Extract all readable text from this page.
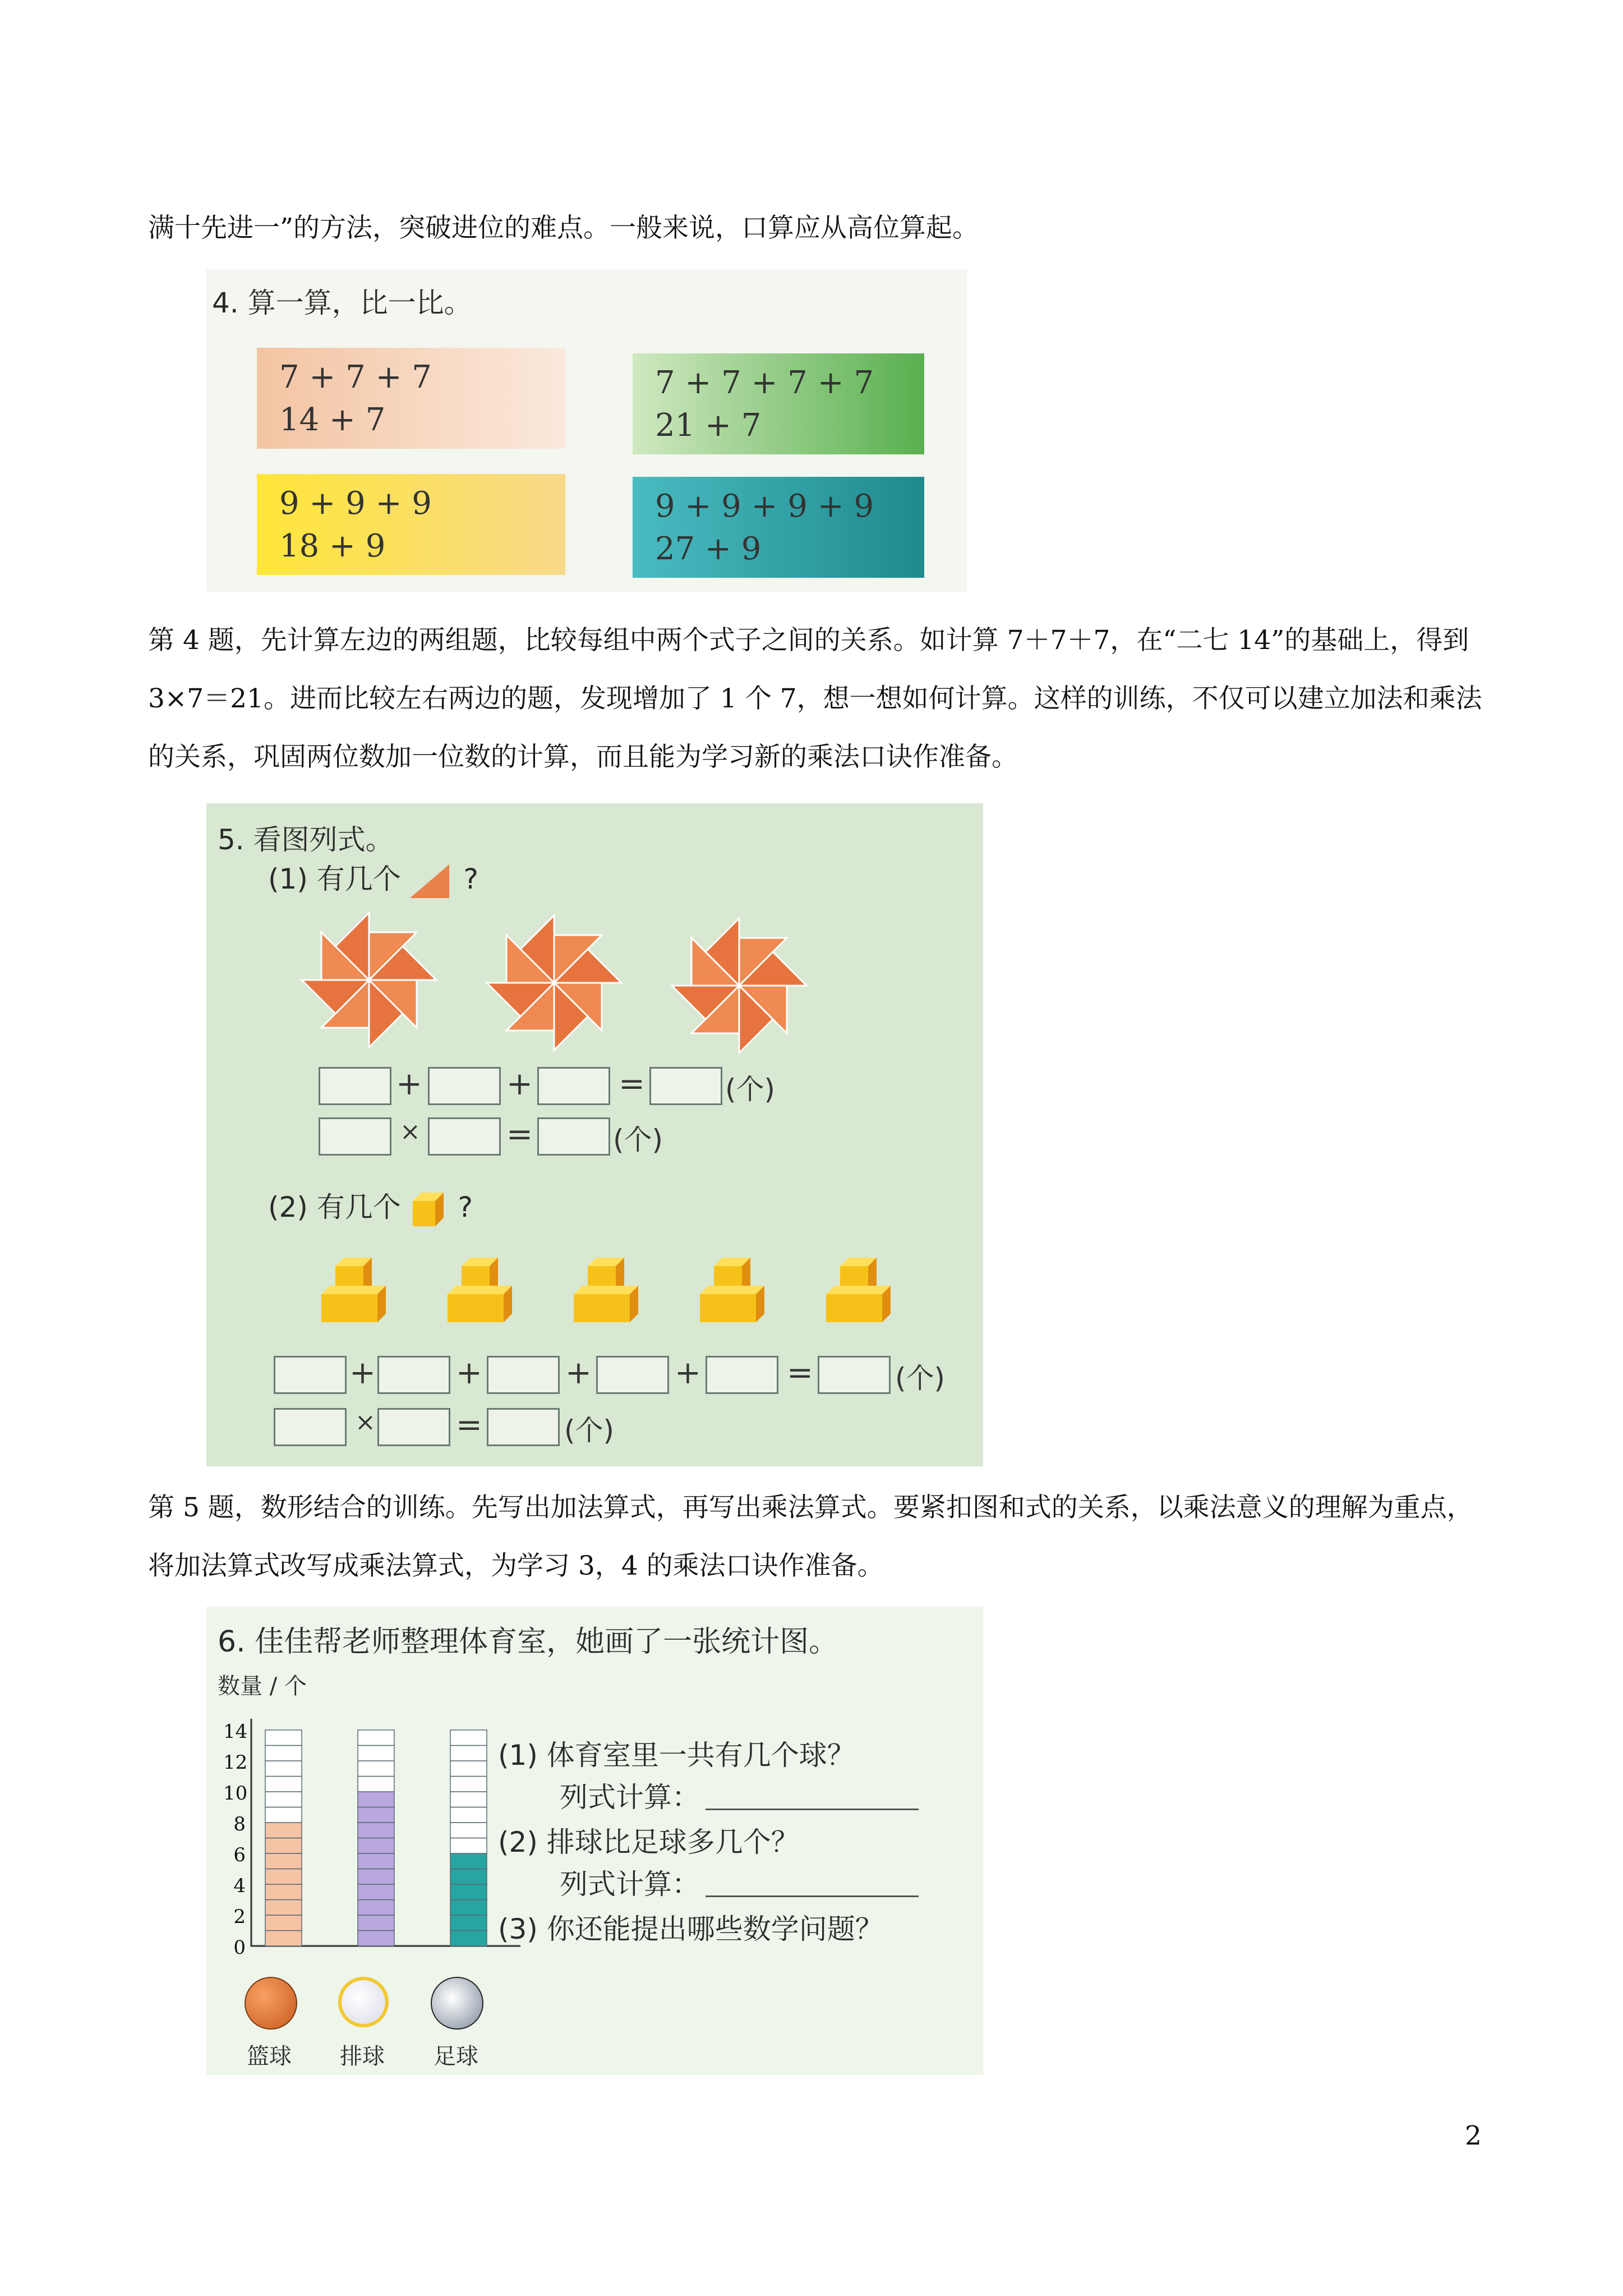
满十先进一”的方法，突破进位的难点。一般来说，口算应从高位算起。

4. 算一算，比一比。
7 + 7 + 7
14 + 7
7 + 7 + 7 + 7
21 + 7
9 + 9 + 9
18 + 9
9 + 9 + 9 + 9
27 + 9

第 4 题，先计算左边的两组题，比较每组中两个式子之间的关系。如计算 7＋7＋7，在“二七 14”的基础上，得到 3×7＝21。进而比较左右两边的题，发现增加了 1 个 7，想一想如何计算。这样的训练，不仅可以建立加法和乘法的关系，巩固两位数加一位数的计算，而且能为学习新的乘法口诀作准备。

5. 看图列式。
(1) 有几个 ?
+	+	=	(个)
×	=	(个)
(2) 有几个 ?
+	+	+	+	=	(个)
×	=	(个)

第 5 题，数形结合的训练。先写出加法算式，再写出乘法算式。要紧扣图和式的关系，以乘法意义的理解为重点，将加法算式改写成乘法算式，为学习 3，4 的乘法口诀作准备。

6. 佳佳帮老师整理体育室，她画了一张统计图。
数量 / 个
14
12
10
8
6
4
2
0
(1) 体育室里一共有几个球？
列式计算：
(2) 排球比足球多几个？
列式计算：
(3) 你还能提出哪些数学问题？
篮球 排球 足球
2
